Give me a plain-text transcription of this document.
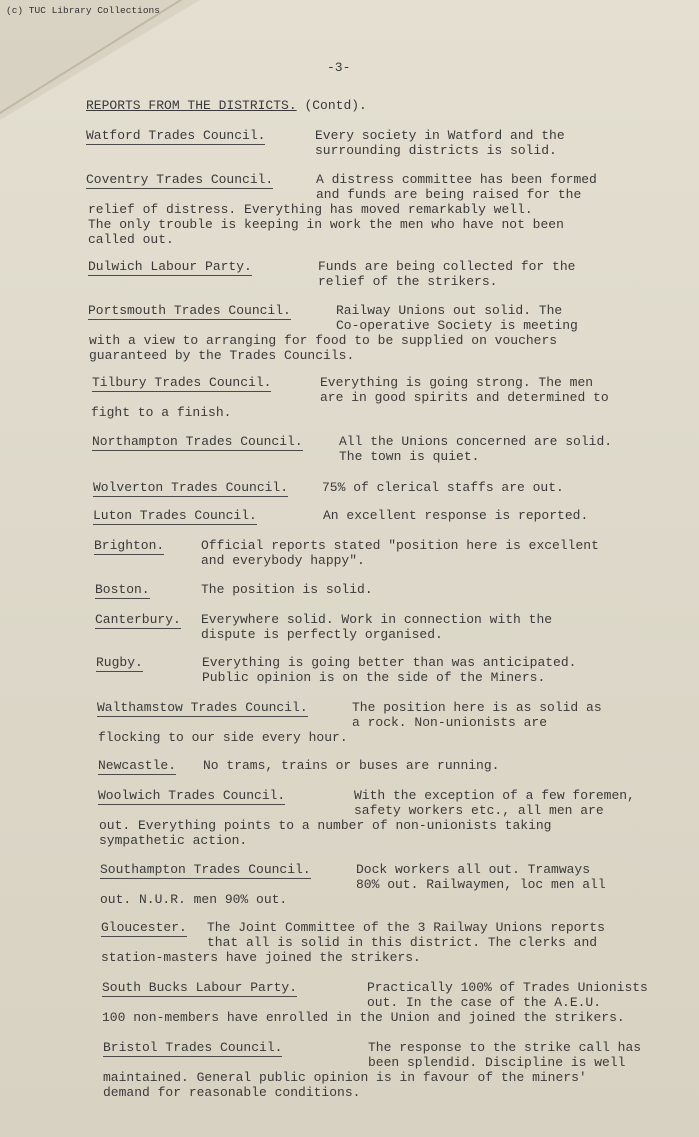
(c) TUC Library Collections
-3-
REPORTS FROM THE DISTRICTS. (Contd).
Watford Trades Council.	Every society in Watford and the
surrounding districts is solid.
Coventry Trades Council.	A distress committee has been formed
and funds are being raised for the
relief of distress. Everything has moved remarkably well.
The only trouble is keeping in work the men who have not been
called out.
Dulwich Labour Party.	Funds are being collected for the
relief of the strikers.
Portsmouth Trades Council.	Railway Unions out solid. The
Co-operative Society is meeting
with a view to arranging for food to be supplied on vouchers
guaranteed by the Trades Councils.
Tilbury Trades Council.	Everything is going strong. The men
are in good spirits and determined to
fight to a finish.
Northampton Trades Council.	All the Unions concerned are solid.
The town is quiet.
Wolverton Trades Council.	75% of clerical staffs are out.
Luton Trades Council.	An excellent response is reported.
Brighton.	Official reports stated "position here is excellent
and everybody happy".
Boston.	The position is solid.
Canterbury. Everywhere solid. Work in connection with the
dispute is perfectly organised.
Rugby.	Everything is going better than was anticipated.
Public opinion is on the side of the Miners.
Walthamstow Trades Council.	The position here is as solid as
a rock. Non-unionists are
flocking to our side every hour.
Newcastle. No trams, trains or buses are running.
Woolwich Trades Council.	With the exception of a few foremen,
safety workers etc., all men are
out. Everything points to a number of non-unionists taking
sympathetic action.
Southampton Trades Council.	Dock workers all out. Tramways
80% out. Railwaymen, loc men all
out. N.U.R. men 90% out.
Gloucester. The Joint Committee of the 3 Railway Unions reports
that all is solid in this district. The clerks and
station-masters have joined the strikers.
South Bucks Labour Party.	Practically 100% of Trades Unionists
out. In the case of the A.E.U.
100 non-members have enrolled in the Union and joined the strikers.
Bristol Trades Council.	The response to the strike call has
been splendid. Discipline is well
maintained. General public opinion is in favour of the miners'
demand for reasonable conditions.
